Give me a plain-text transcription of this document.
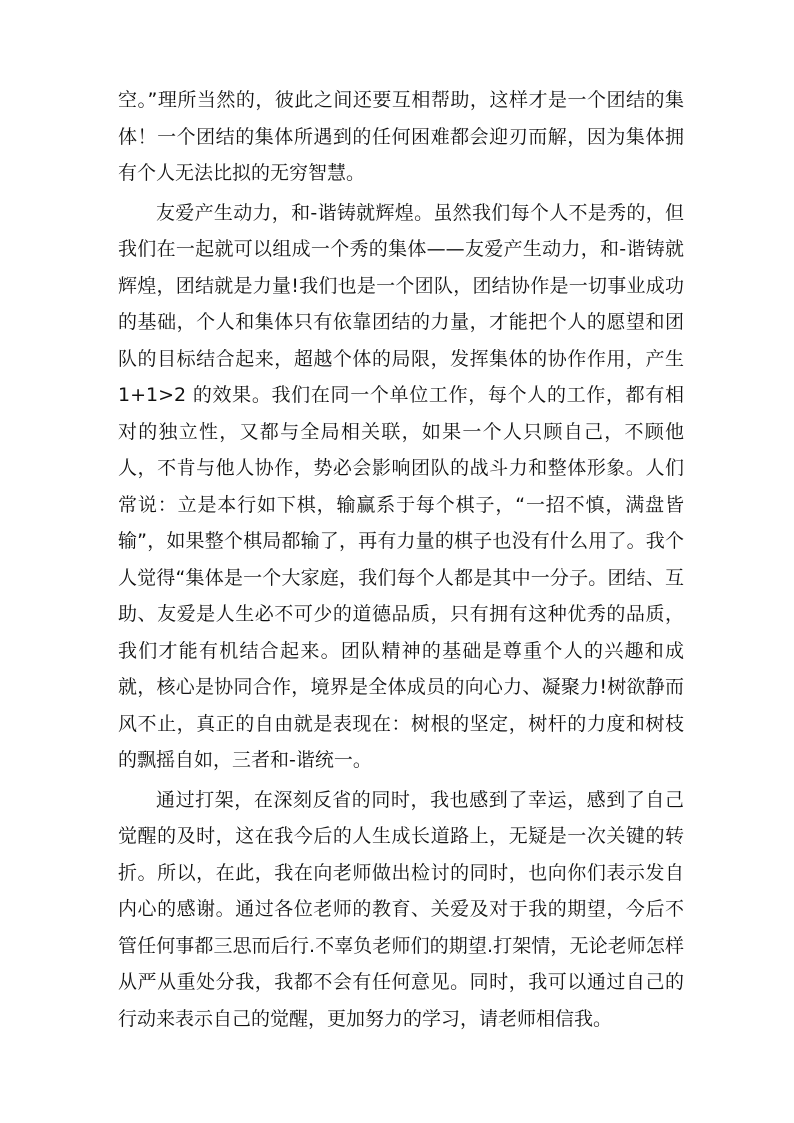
空。”理所当然的，彼此之间还要互相帮助，这样才是一个团结的集体！一个团结的集体所遇到的任何困难都会迎刃而解，因为集体拥有个人无法比拟的无穷智慧。

友爱产生动力，和-谐铸就辉煌。虽然我们每个人不是秀的，但我们在一起就可以组成一个秀的集体——友爱产生动力，和-谐铸就辉煌，团结就是力量!我们也是一个团队，团结协作是一切事业成功的基础，个人和集体只有依靠团结的力量，才能把个人的愿望和团队的目标结合起来，超越个体的局限，发挥集体的协作作用，产生 1+1>2 的效果。我们在同一个单位工作，每个人的工作，都有相对的独立性，又都与全局相关联，如果一个人只顾自己，不顾他人，不肯与他人协作，势必会影响团队的战斗力和整体形象。人们常说：立是本行如下棋，输赢系于每个棋子，“一招不慎，满盘皆输”，如果整个棋局都输了，再有力量的棋子也没有什么用了。我个人觉得“集体是一个大家庭，我们每个人都是其中一分子。团结、互助、友爱是人生必不可少的道德品质，只有拥有这种优秀的品质，我们才能有机结合起来。团队精神的基础是尊重个人的兴趣和成就，核心是协同合作，境界是全体成员的向心力、凝聚力!树欲静而风不止，真正的自由就是表现在：树根的坚定，树杆的力度和树枝的飘摇自如，三者和-谐统一。

通过打架，在深刻反省的同时，我也感到了幸运，感到了自己觉醒的及时，这在我今后的人生成长道路上，无疑是一次关键的转折。所以，在此，我在向老师做出检讨的同时，也向你们表示发自内心的感谢。通过各位老师的教育、关爱及对于我的期望，今后不管任何事都三思而后行.不辜负老师们的期望.打架情，无论老师怎样从严从重处分我，我都不会有任何意见。同时，我可以通过自己的行动来表示自己的觉醒，更加努力的学习，请老师相信我。
